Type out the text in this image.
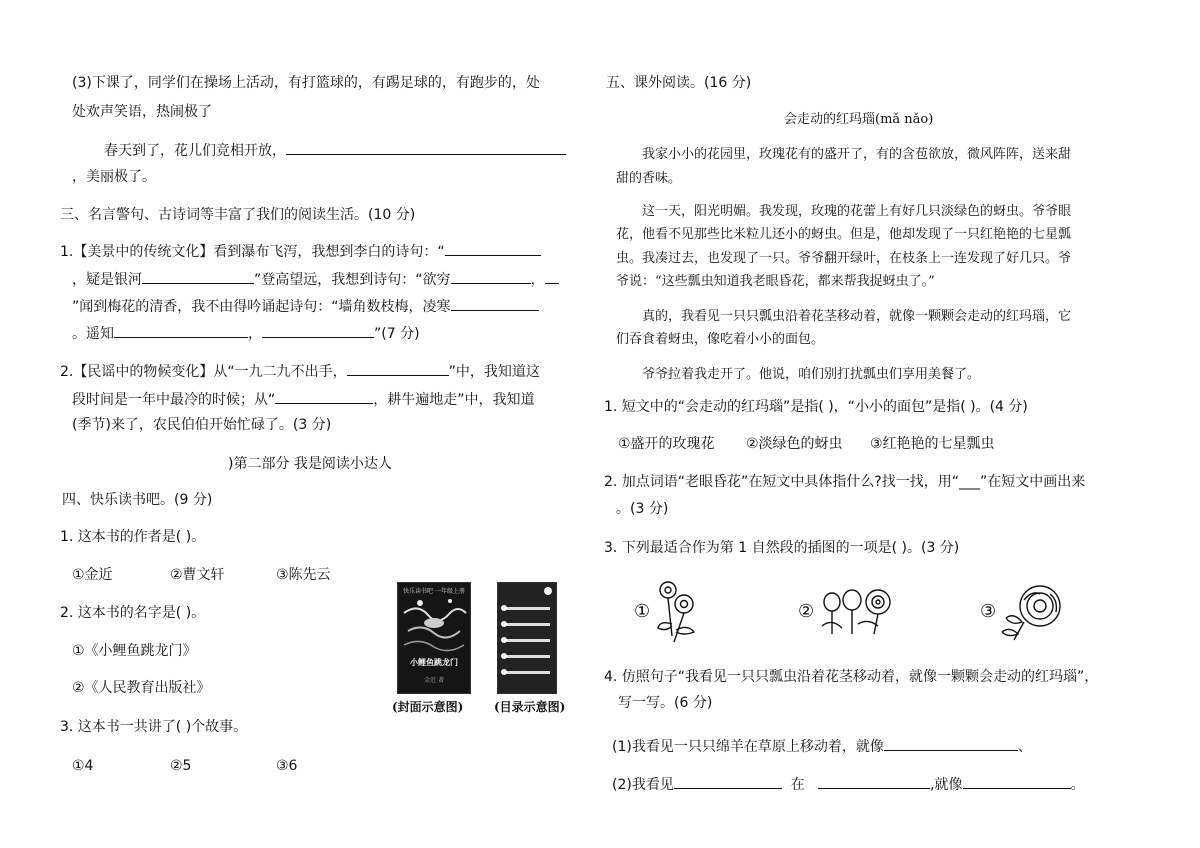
(3)下课了，同学们在操场上活动，有打篮球的，有踢足球的，有跑步的，处
处欢声笑语，热闹极了
春天到了，花儿们竞相开放，
，美丽极了。
三、名言警句、古诗词等丰富了我们的阅读生活。(10 分)
1.【美景中的传统文化】看到瀑布飞泻，我想到李白的诗句：“
，疑是银河	”登高望远，我想到诗句：“欲穷	，
”闻到梅花的清香，我不由得吟诵起诗句：“墙角数枝梅，凌寒
。遥知	，	”(7 分)
2.【民谣中的物候变化】从“一九二九不出手，	”中，我知道这
段时间是一年中最冷的时候；从“	，耕牛遍地走”中，我知道
(季节)来了，农民伯伯开始忙碌了。(3 分)
)第二部分 我是阅读小达人
四、快乐读书吧。(9 分)
1. 这本书的作者是( )。
①金近	②曹文轩	③陈先云
2. 这本书的名字是( )。
①《小鲤鱼跳龙门》
②《人民教育出版社》
3. 这本书一共讲了( )个故事。
①4	②5	③6
快乐读书吧 一年级上册
小鲤鱼跳龙门
金近 著
(封面示意图)	(目录示意图)
五、课外阅读。(16 分)
会走动的红玛瑙(mǎ nǎo)
我家小小的花园里，玫瑰花有的盛开了，有的含苞欲放，微风阵阵，送来甜
甜的香味。
这一天，阳光明媚。我发现，玫瑰的花蕾上有好几只淡绿色的蚜虫。爷爷眼
花，他看不见那些比米粒儿还小的蚜虫。但是，他却发现了一只红艳艳的七星瓢
虫。我凑过去，也发现了一只。爷爷翻开绿叶，在枝条上一连发现了好几只。爷
爷说：“这些瓢虫知道我老眼昏花，都来帮我捉蚜虫了。”
真的，我看见一只只瓢虫沿着花茎移动着，就像一颗颗会走动的红玛瑙，它
们吞食着蚜虫，像吃着小小的面包。
爷爷拉着我走开了。他说，咱们别打扰瓢虫们享用美餐了。
1. 短文中的“会走动的红玛瑙”是指( )，“小小的面包”是指( )。(4 分)
①盛开的玫瑰花 ②淡绿色的蚜虫 ③红艳艳的七星瓢虫
2. 加点词语“老眼昏花”在短文中具体指什么?找一找，用“___”在短文中画出来
。(3 分)
3. 下列最适合作为第 1 自然段的插图的一项是( )。(3 分)
①	②	③
4. 仿照句子“我看见一只只瓢虫沿着花茎移动着，就像一颗颗会走动的红玛瑙”，
写一写。(6 分)
(1)我看见一只只绵羊在草原上移动着，就像	、
(2)我看见	在	,就像	。
